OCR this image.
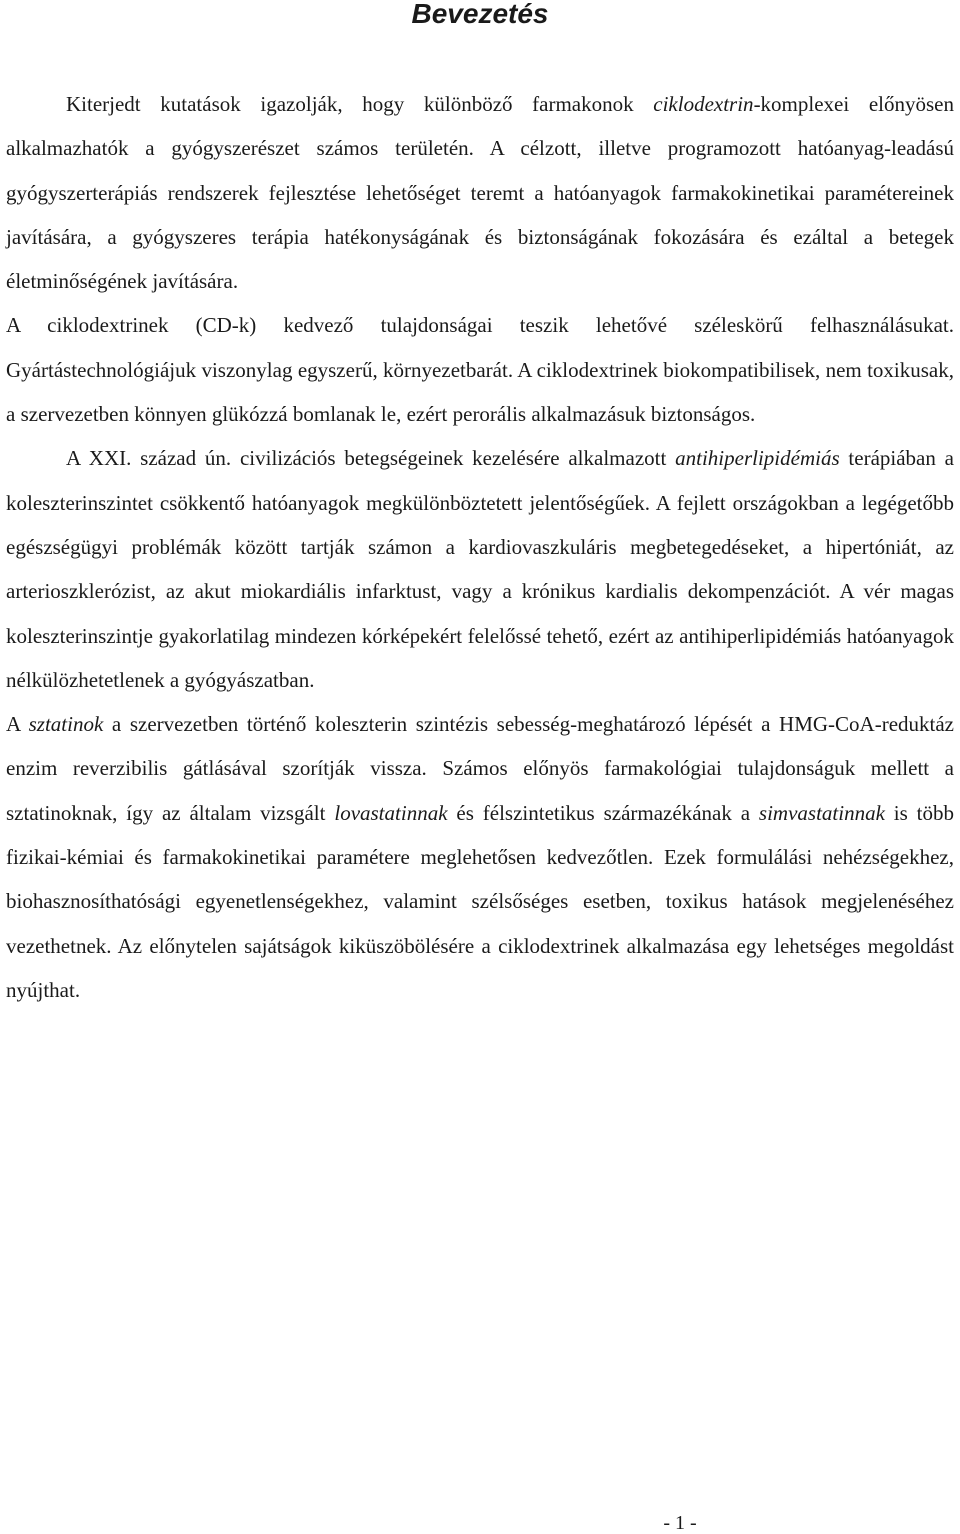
Bevezetés

Kiterjedt kutatások igazolják, hogy különböző farmakonok ciklodextrin-komplexei előnyösen alkalmazhatók a gyógyszerészet számos területén. A célzott, illetve programozott hatóanyag-leadású gyógyszerterápiás rendszerek fejlesztése lehetőséget teremt a hatóanyagok farmakokinetikai paramétereinek javítására, a gyógyszeres terápia hatékonyságának és biztonságának fokozására és ezáltal a betegek életminőségének javítására.

A ciklodextrinek (CD-k) kedvező tulajdonságai teszik lehetővé széleskörű felhasználásukat. Gyártástechnológiájuk viszonylag egyszerű, környezetbarát. A ciklodextrinek biokompatibilisek, nem toxikusak, a szervezetben könnyen glükózzá bomlanak le, ezért perorális alkalmazásuk biztonságos.

A XXI. század ún. civilizációs betegségeinek kezelésére alkalmazott antihiperlipidémiás terápiában a koleszterinszintet csökkentő hatóanyagok megkülönböztetett jelentőségűek. A fejlett országokban a legégetőbb egészségügyi problémák között tartják számon a kardiovaszkuláris megbetegedéseket, a hipertóniát, az arterioszklerózist, az akut miokardiális infarktust, vagy a krónikus kardialis dekompenzációt. A vér magas koleszterinszintje gyakorlatilag mindezen kórképekért felelőssé tehető, ezért az antihiperlipidémiás hatóanyagok nélkülözhetetlenek a gyógyászatban.

A sztatinok a szervezetben történő koleszterin szintézis sebesség-meghatározó lépését a HMG-CoA-reduktáz enzim reverzibilis gátlásával szorítják vissza. Számos előnyös farmakológiai tulajdonságuk mellett a sztatinoknak, így az általam vizsgált lovastatinnak és félszintetikus származékának a simvastatinnak is több fizikai-kémiai és farmakokinetikai paramétere meglehetősen kedvezőtlen. Ezek formulálási nehézségekhez, biohasznosíthatósági egyenetlenségekhez, valamint szélsőséges esetben, toxikus hatások megjelenéséhez vezethetnek. Az előnytelen sajátságok kiküszöbölésére a ciklodextrinek alkalmazása egy lehetséges megoldást nyújthat.

- 1 -
